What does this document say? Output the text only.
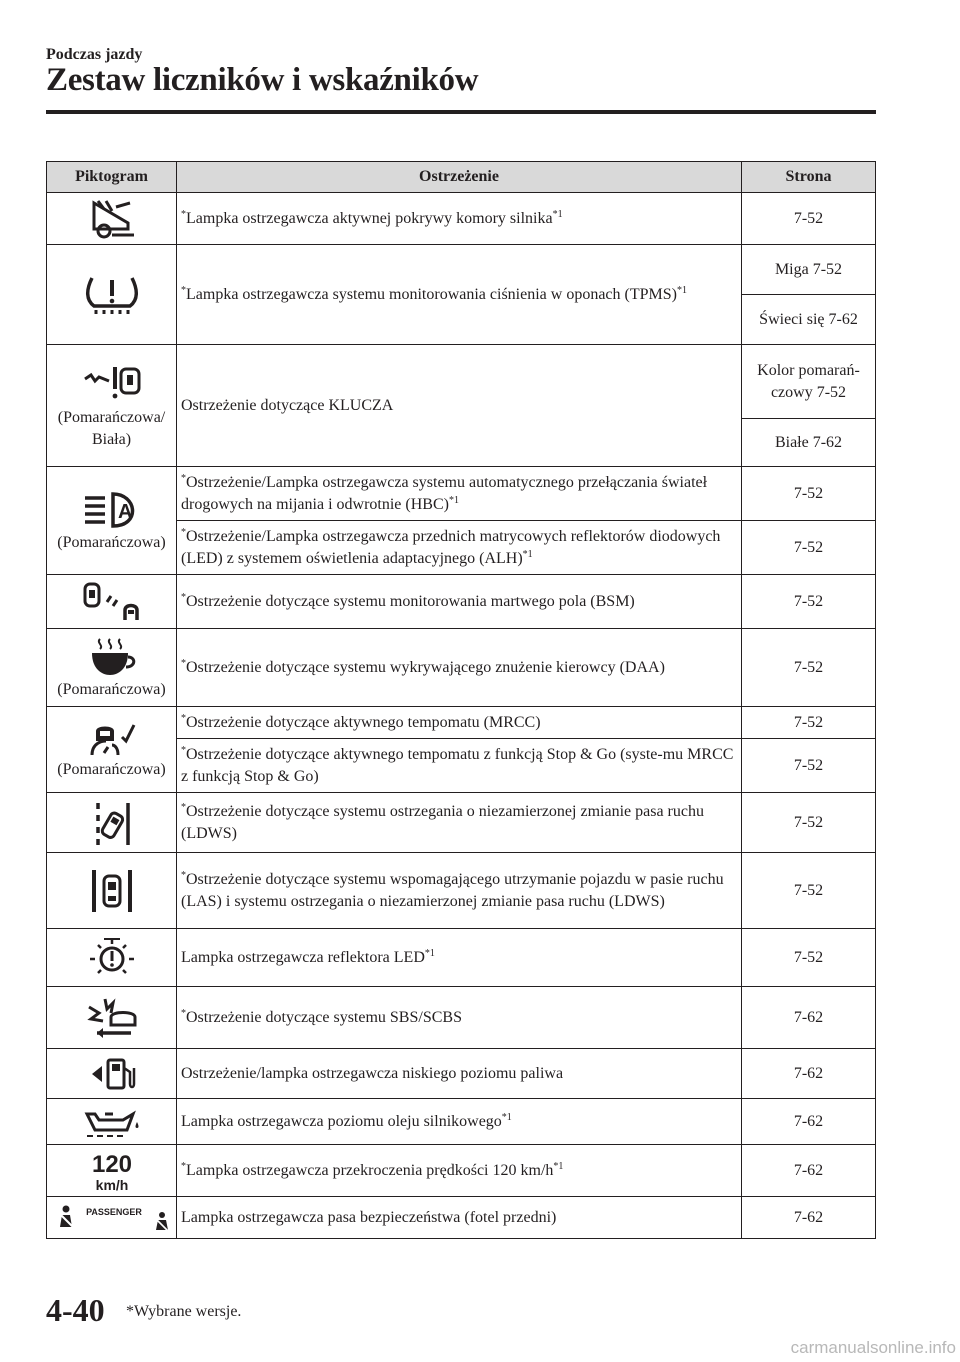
Podczas jazdy
Zestaw liczników i wskaźników
Piktogram	Ostrzeżenie	Strona

	*Lampka ostrzegawcza aktywnej pokrywy komory silnika$^{*1}$	7-52

	*Lampka ostrzegawcza systemu monitorowania ciśnienia w oponach (TPMS)$^{*1}$	Miga 7-52
		Świeci się 7-62

(Pomarańczowa/ Biała)	Ostrzeżenie dotyczące KLUCZA	Kolor pomarań-czowy 7-52
		Białe 7-62

A
(Pomarańczowa)	*Ostrzeżenie/Lampka ostrzegawcza systemu automatycznego przełączania świateł drogowych na mijania i odwrotnie (HBC)$^{*1}$	7-52
	*Ostrzeżenie/Lampka ostrzegawcza przednich matrycowych reflektorów diodowych (LED) z systemem oświetlenia adaptacyjnego (ALH)$^{*1}$	7-52

	*Ostrzeżenie dotyczące systemu monitorowania martwego pola (BSM)	7-52

(Pomarańczowa)	*Ostrzeżenie dotyczące systemu wykrywającego znużenie kierowcy (DAA)	7-52

(Pomarańczowa)	*Ostrzeżenie dotyczące aktywnego tempomatu (MRCC)	7-52
	*Ostrzeżenie dotyczące aktywnego tempomatu z funkcją Stop & Go (syste-mu MRCC z funkcją Stop & Go)	7-52

	*Ostrzeżenie dotyczące systemu ostrzegania o niezamierzonej zmianie pasa ruchu (LDWS)	7-52

	*Ostrzeżenie dotyczące systemu wspomagającego utrzymanie pojazdu w pasie ruchu (LAS) i systemu ostrzegania o niezamierzonej zmianie pasa ruchu (LDWS)	7-52

	Lampka ostrzegawcza reflektora LED$^{*1}$	7-52

	*Ostrzeżenie dotyczące systemu SBS/SCBS	7-62

	Ostrzeżenie/lampka ostrzegawcza niskiego poziomu paliwa	7-62

	Lampka ostrzegawcza poziomu oleju silnikowego$^{*1}$	7-62

120
km/h	*Lampka ostrzegawcza przekroczenia prędkości 120 $km/h^{*1}$	7-62

PASSENGER	Lampka ostrzegawcza pasa bezpieczeństwa (fotel przedni)	7-62
4-40 *Wybrane wersje.
carmanualsonline.info
